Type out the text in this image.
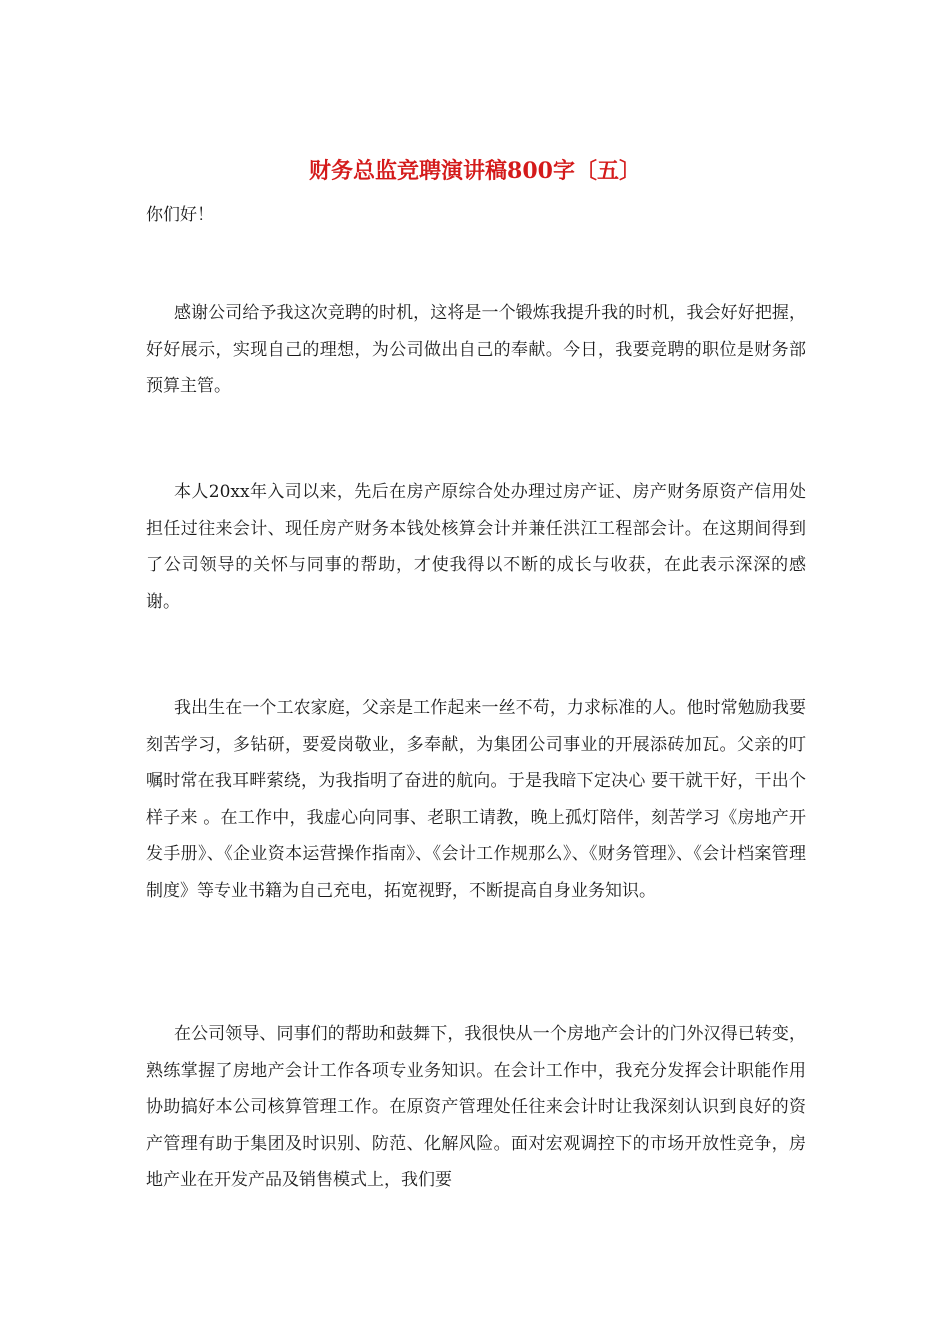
财务总监竞聘演讲稿800字〔五〕

你们好！

感谢公司给予我这次竞聘的时机，这将是一个锻炼我提升我的时机，我会好好把握，好好展示，实现自己的理想，为公司做出自己的奉献。今日，我要竞聘的职位是财务部预算主管。

本人20xx年入司以来，先后在房产原综合处办理过房产证、房产财务原资产信用处担任过往来会计、现任房产财务本钱处核算会计并兼任洪江工程部会计。在这期间得到了公司领导的关怀与同事的帮助，才使我得以不断的成长与收获，在此表示深深的感谢。

我出生在一个工农家庭，父亲是工作起来一丝不苟，力求标准的人。他时常勉励我要刻苦学习，多钻研，要爱岗敬业，多奉献，为集团公司事业的开展添砖加瓦。父亲的叮嘱时常在我耳畔萦绕，为我指明了奋进的航向。于是我暗下定决心 要干就干好，干出个样子来 。在工作中，我虚心向同事、老职工请教，晚上孤灯陪伴，刻苦学习《房地产开发手册》、《企业资本运营操作指南》、《会计工作规那么》、《财务管理》、《会计档案管理制度》等专业书籍为自己充电，拓宽视野，不断提高自身业务知识。

在公司领导、同事们的帮助和鼓舞下，我很快从一个房地产会计的门外汉得已转变，熟练掌握了房地产会计工作各项专业务知识。在会计工作中，我充分发挥会计职能作用协助搞好本公司核算管理工作。在原资产管理处任往来会计时让我深刻认识到良好的资产管理有助于集团及时识别、防范、化解风险。面对宏观调控下的市场开放性竞争，房地产业在开发产品及销售模式上，我们要
